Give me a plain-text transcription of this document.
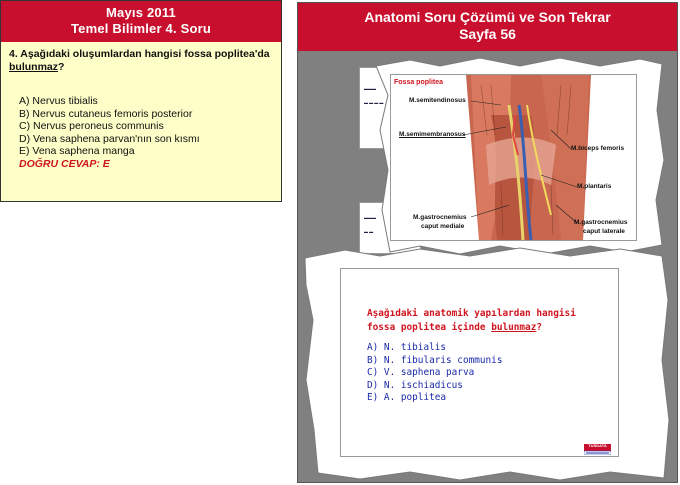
Mayıs 2011
Temel Bilimler 4. Soru
4. Aşağıdaki oluşumlardan hangisi fossa poplitea'da bulunmaz?
A) Nervus tibialis
B) Nervus cutaneus femoris posterior
C) Nervus peroneus communis
D) Vena saphena parvan'nın son kısmı
E) Vena saphena manga
DOĞRU CEVAP: E
Anatomi Soru Çözümü ve Son Tekrar
Sayfa 56
▬▬▬
▬ ▬ ▬ ▬
▬▬▬
▬ ▬
Fossa poplitea
M.semitendinosus
M.semimembranosus
M.biceps femoris
M.plantaris
M.gastrocnemius
caput mediale
M.gastrocnemius
caput laterale
Aşağıdaki anatomik yapılardan hangisi
fossa poplitea içinde bulunmaz?
A) N. tibialis
B) N. fibularis communis
C) V. saphena parva
D) N. ischiadicus
E) A. poplitea
TUSDATA
